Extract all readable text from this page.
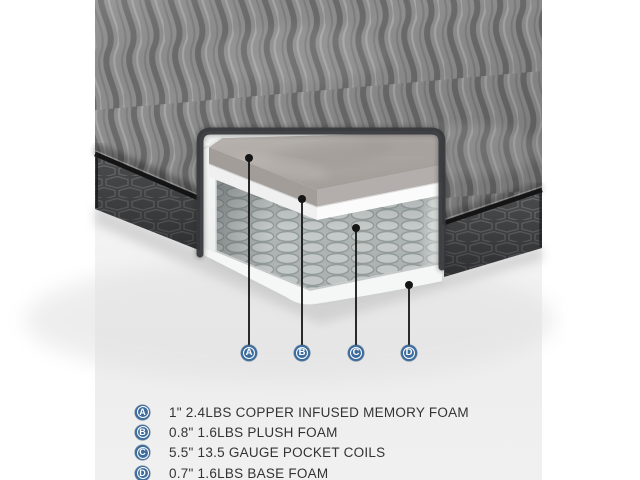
A	B	C	D
A	1" 2.4LBS COPPER INFUSED MEMORY FOAM
B	0.8" 1.6LBS PLUSH FOAM
C	5.5" 13.5 GAUGE POCKET COILS
D	0.7" 1.6LBS BASE FOAM
